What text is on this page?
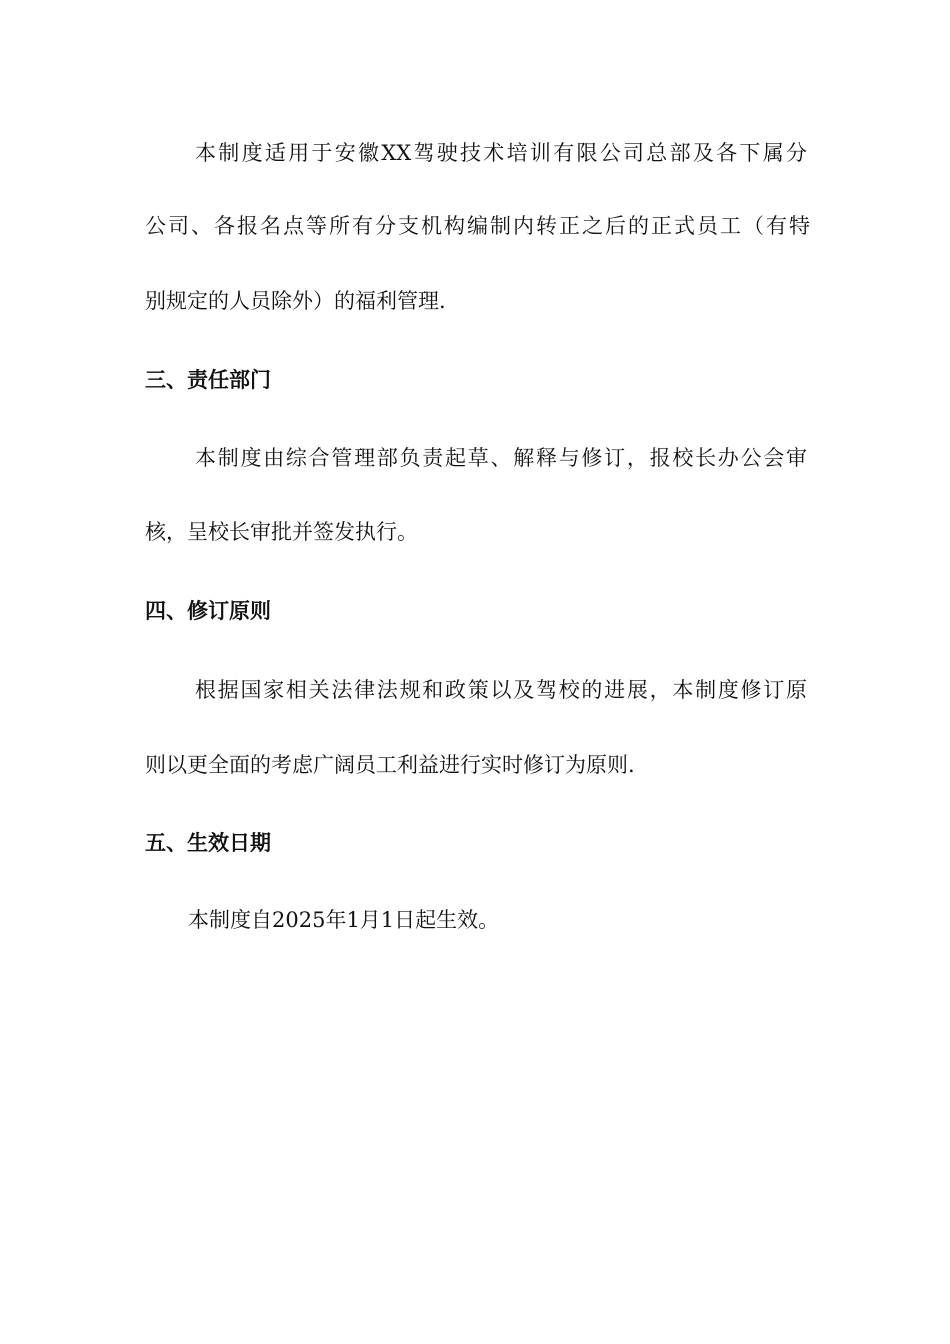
本制度适用于安徽XX驾驶技术培训有限公司总部及各下属分
公司、各报名点等所有分支机构编制内转正之后的正式员工（有特
别规定的人员除外）的福利管理.
三、责任部门
本制度由综合管理部负责起草、解释与修订，报校长办公会审
核，呈校长审批并签发执行。
四、修订原则
根据国家相关法律法规和政策以及驾校的进展，本制度修订原
则以更全面的考虑广阔员工利益进行实时修订为原则.
五、生效日期
本制度自2025年1月1日起生效。
